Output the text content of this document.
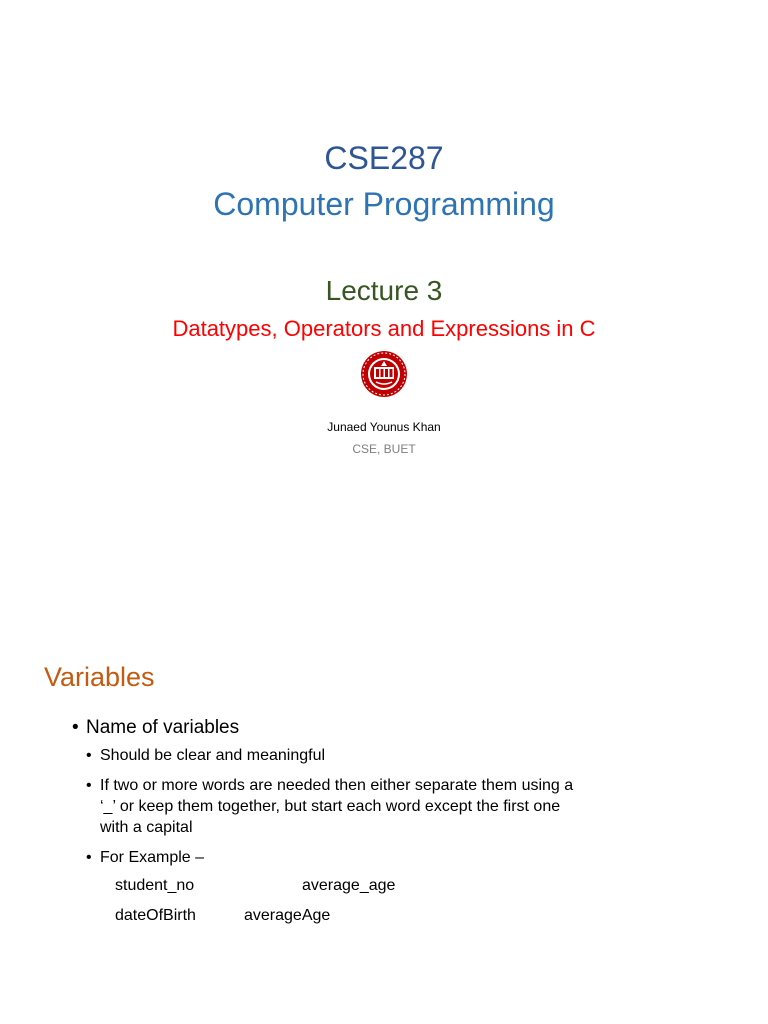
CSE287
Computer Programming
Lecture 3
Datatypes, Operators and Expressions in C
Junaed Younus Khan
CSE, BUET
Variables
• Name of variables
• Should be clear and meaningful
• If two or more words are needed then either separate them using a ‘_’ or keep them together, but start each word except the first one with a capital
• For Example –
student_no	average_age
dateOfBirth	averageAge
